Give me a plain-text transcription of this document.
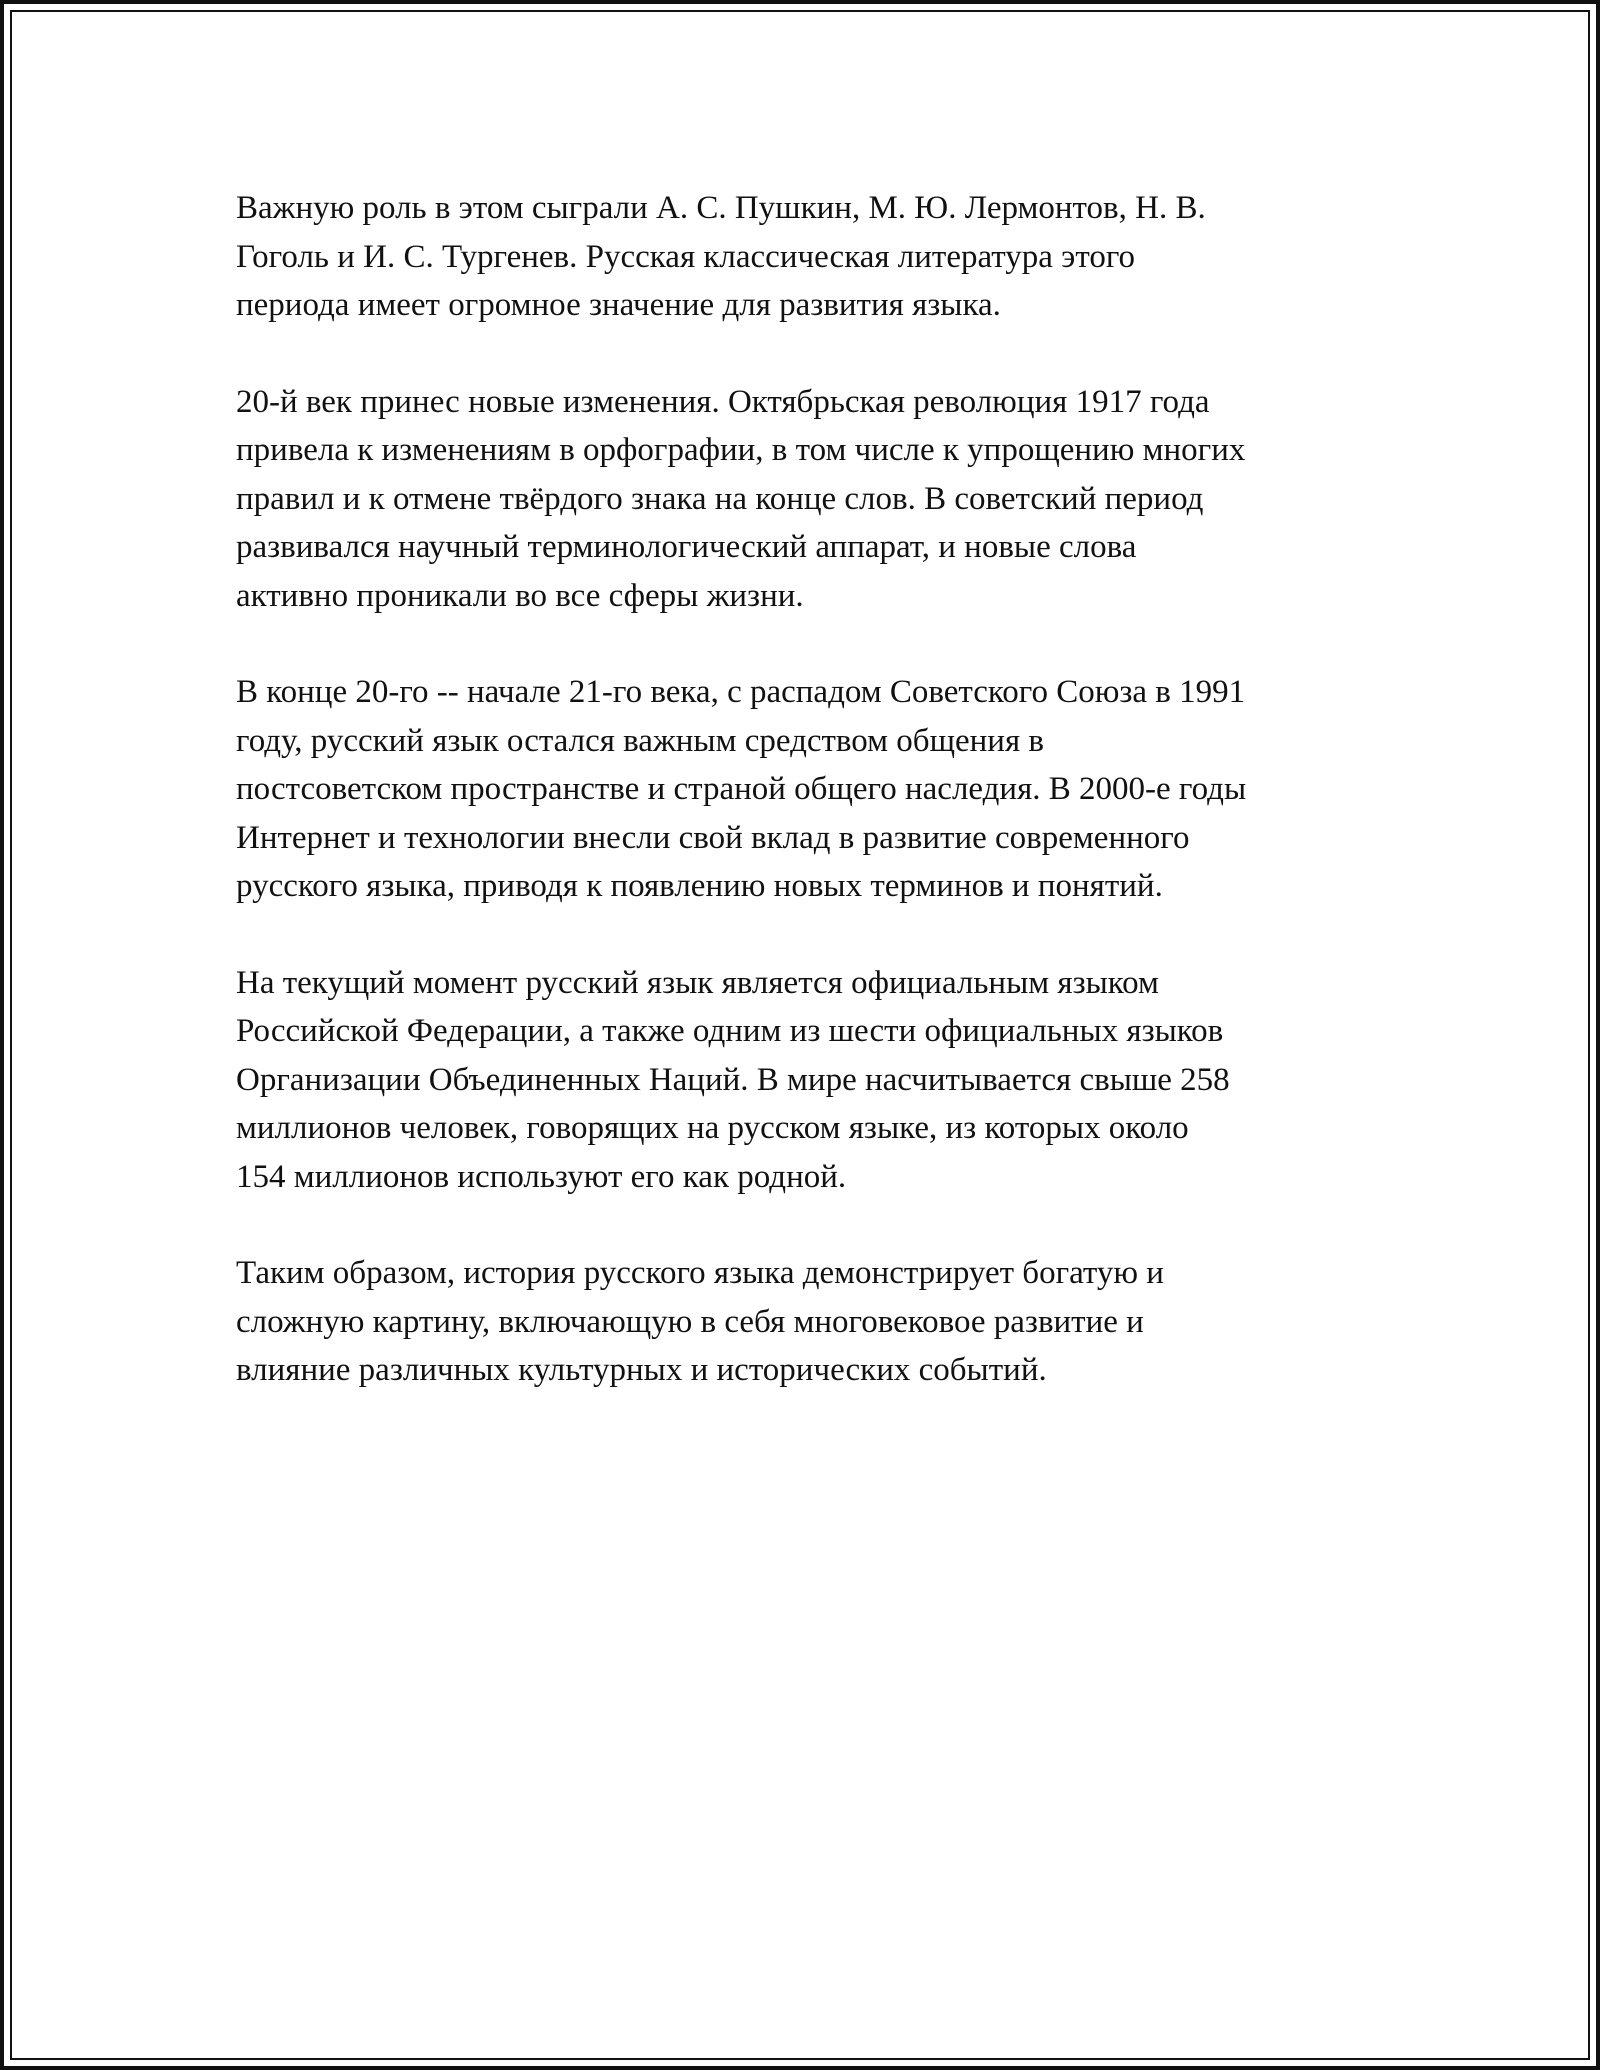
Важную роль в этом сыграли А. С. Пушкин, М. Ю. Лермонтов, Н. В.
Гоголь и И. С. Тургенев. Русская классическая литература этого
периода имеет огромное значение для развития языка.

20-й век принес новые изменения. Октябрьская революция 1917 года
привела к изменениям в орфографии, в том числе к упрощению многих
правил и к отмене твёрдого знака на конце слов. В советский период
развивался научный терминологический аппарат, и новые слова
активно проникали во все сферы жизни.

В конце 20-го -- начале 21-го века, с распадом Советского Союза в 1991
году, русский язык остался важным средством общения в
постсоветском пространстве и страной общего наследия. В 2000-е годы
Интернет и технологии внесли свой вклад в развитие современного
русского языка, приводя к появлению новых терминов и понятий.

На текущий момент русский язык является официальным языком
Российской Федерации, а также одним из шести официальных языков
Организации Объединенных Наций. В мире насчитывается свыше 258
миллионов человек, говорящих на русском языке, из которых около
154 миллионов используют его как родной.

Таким образом, история русского языка демонстрирует богатую и
сложную картину, включающую в себя многовековое развитие и
влияние различных культурных и исторических событий.
